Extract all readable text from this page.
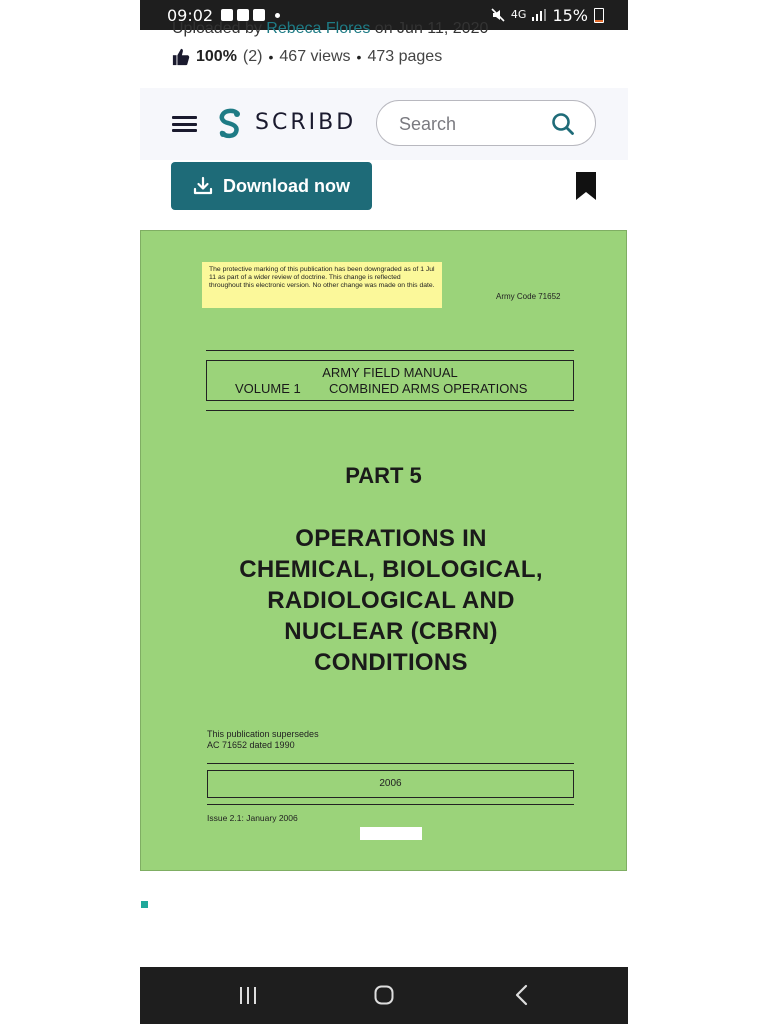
09:02	4G 15%
Uploaded by Rebeca Flores on Jun 11, 2020
100% (2) • 467 views • 473 pages
SCRIBD
Search
Download now
The protective marking of this publication has been downgraded as of 1 Jul 11 as part of a wider review of doctrine. This change is reflected throughout this electronic version. No other change was made on this date.
Army Code 71652
ARMY FIELD MANUAL
VOLUME 1 COMBINED ARMS OPERATIONS
PART 5
OPERATIONS IN
CHEMICAL, BIOLOGICAL,
RADIOLOGICAL AND
NUCLEAR (CBRN)
CONDITIONS
This publication supersedes
AC 71652 dated 1990
2006
Issue 2.1: January 2006
